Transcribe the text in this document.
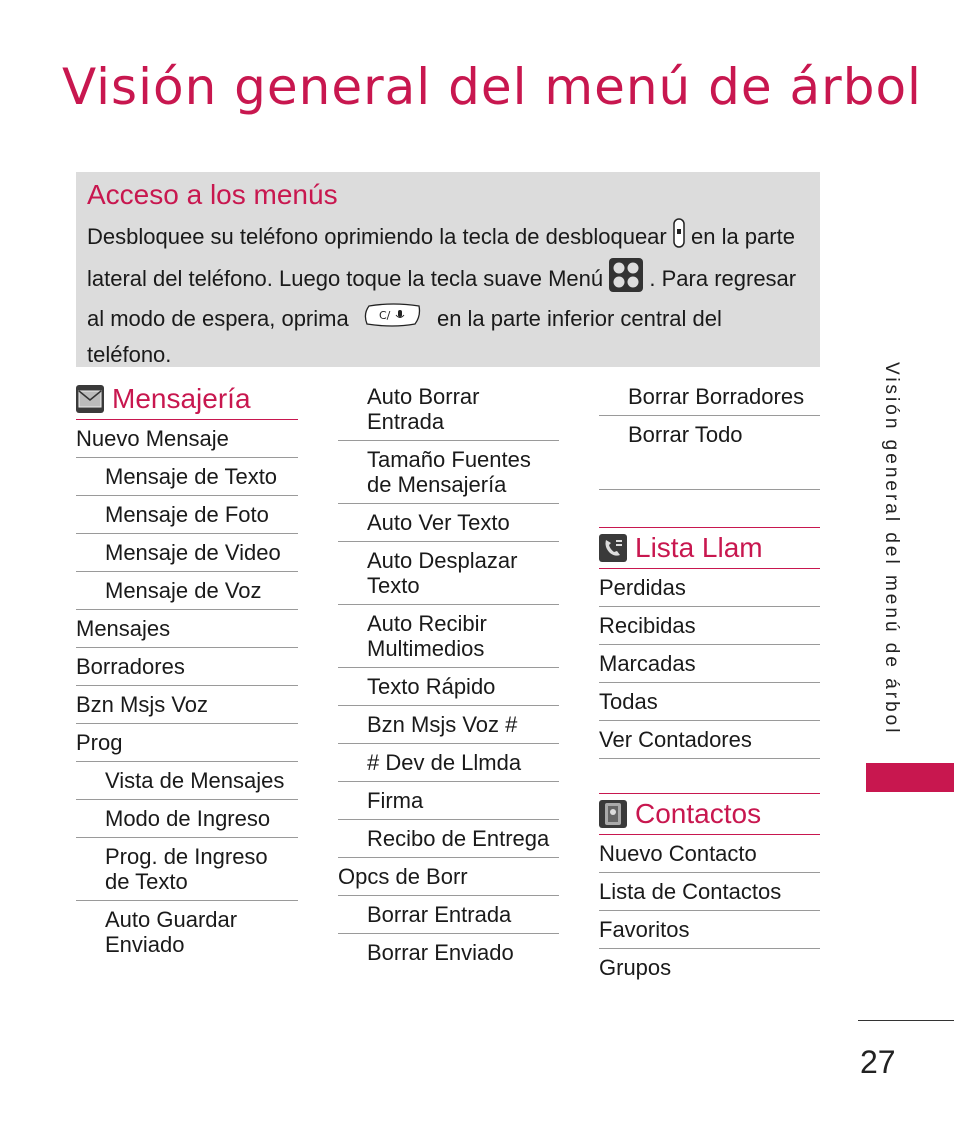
Visión general del menú de árbol
Acceso a los menús

Desbloquee su teléfono oprimiendo la tecla de desbloquear en la parte lateral del teléfono. Luego toque la tecla suave Menú . Para regresar al modo de espera, oprima	C/ en la parte inferior central del teléfono.

Mensajería
Nuevo Mensaje
Mensaje de Texto
Mensaje de Foto
Mensaje de Video
Mensaje de Voz
Mensajes
Borradores
Bzn Msjs Voz
Prog
Vista de Mensajes
Modo de Ingreso
Prog. de Ingreso de Texto
Auto Guardar Enviado
Auto Borrar Entrada
Tamaño Fuentes de Mensajería
Auto Ver Texto
Auto Desplazar Texto
Auto Recibir Multimedios
Texto Rápido
Bzn Msjs Voz #
# Dev de Llmda
Firma
Recibo de Entrega
Opcs de Borr
Borrar Entrada
Borrar Enviado
Borrar Borradores
Borrar Todo
Lista Llam
Perdidas
Recibidas
Marcadas
Todas
Ver Contadores
Contactos
Nuevo Contacto
Lista de Contactos
Favoritos
Grupos
Visión general del menú de árbol
27
